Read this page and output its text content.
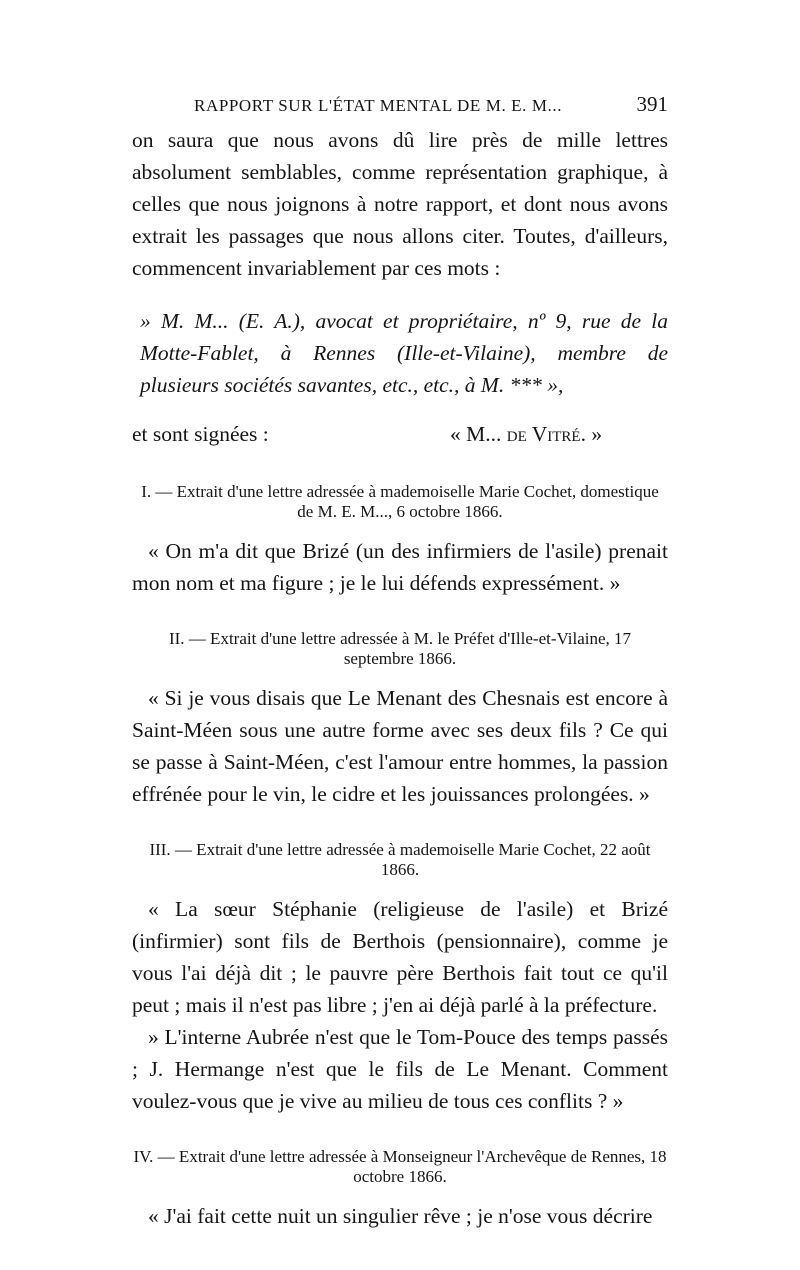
RAPPORT SUR L'ÉTAT MENTAL DE M. E. M...	391

on saura que nous avons dû lire près de mille lettres absolument semblables, comme représentation graphique, à celles que nous joignons à notre rapport, et dont nous avons extrait les passages que nous allons citer. Toutes, d'ailleurs, commencent invariablement par ces mots :

» M. M... (E. A.), avocat et propriétaire, nº 9, rue de la Motte-Fablet, à Rennes (Ille-et-Vilaine), membre de plusieurs sociétés savantes, etc., etc., à M. *** »,

et sont signées :	« M... de Vitré. »
I. — Extrait d'une lettre adressée à mademoiselle Marie Cochet, domestique de M. E. M..., 6 octobre 1866.

« On m'a dit que Brizé (un des infirmiers de l'asile) prenait mon nom et ma figure ; je le lui défends expressément. »

II. — Extrait d'une lettre adressée à M. le Préfet d'Ille-et-Vilaine, 17 septembre 1866.

« Si je vous disais que Le Menant des Chesnais est encore à Saint-Méen sous une autre forme avec ses deux fils ? Ce qui se passe à Saint-Méen, c'est l'amour entre hommes, la passion effrénée pour le vin, le cidre et les jouissances prolongées. »

III. — Extrait d'une lettre adressée à mademoiselle Marie Cochet, 22 août 1866.

« La sœur Stéphanie (religieuse de l'asile) et Brizé (infirmier) sont fils de Berthois (pensionnaire), comme je vous l'ai déjà dit ; le pauvre père Berthois fait tout ce qu'il peut ; mais il n'est pas libre ; j'en ai déjà parlé à la préfecture.

» L'interne Aubrée n'est que le Tom-Pouce des temps passés ; J. Hermange n'est que le fils de Le Menant. Comment voulez-vous que je vive au milieu de tous ces conflits ? »

IV. — Extrait d'une lettre adressée à Monseigneur l'Archevêque de Rennes, 18 octobre 1866.

« J'ai fait cette nuit un singulier rêve ; je n'ose vous décrire
